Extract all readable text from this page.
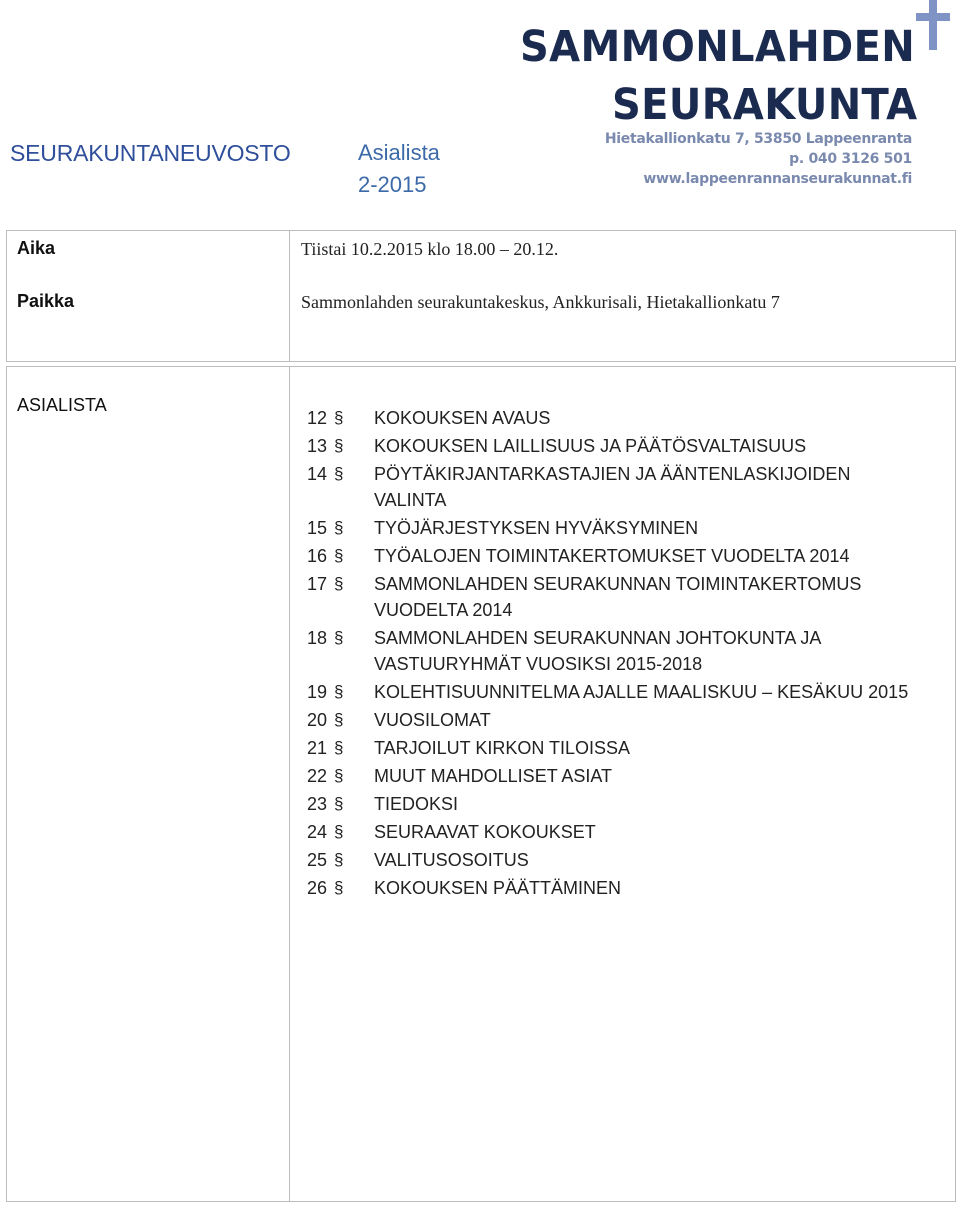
SEURAKUNTANEUVOSTO	Asialista
2-2015
SAMMONLAHDEN
SEURAKUNTA
Hietakallionkatu 7, 53850 Lappeenranta
p. 040 3126 501
www.lappeenrannanseurakunnat.fi
Aika	Tiistai 10.2.2015 klo 18.00 – 20.12.
Paikka	Sammonlahden seurakuntakeskus, Ankkurisali, Hietakallionkatu 7
ASIALISTA
12 §	KOKOUKSEN AVAUS
13 §	KOKOUKSEN LAILLISUUS JA PÄÄTÖSVALTAISUUS
14 §	PÖYTÄKIRJANTARKASTAJIEN JA ÄÄNTENLASKIJOIDEN VALINTA
15 §	TYÖJÄRJESTYKSEN HYVÄKSYMINEN
16 §	TYÖALOJEN TOIMINTAKERTOMUKSET VUODELTA 2014
17 §	SAMMONLAHDEN SEURAKUNNAN TOIMINTAKERTOMUS VUODELTA 2014
18 §	SAMMONLAHDEN SEURAKUNNAN JOHTOKUNTA JA VASTUURYHMÄT VUOSIKSI 2015-2018
19 §	KOLEHTISUUNNITELMA AJALLE MAALISKUU – KESÄKUU 2015
20 §	VUOSILOMAT
21 §	TARJOILUT KIRKON TILOISSA
22 §	MUUT MAHDOLLISET ASIAT
23 §	TIEDOKSI
24 §	SEURAAVAT KOKOUKSET
25 §	VALITUSOSOITUS
26 §	KOKOUKSEN PÄÄTTÄMINEN
